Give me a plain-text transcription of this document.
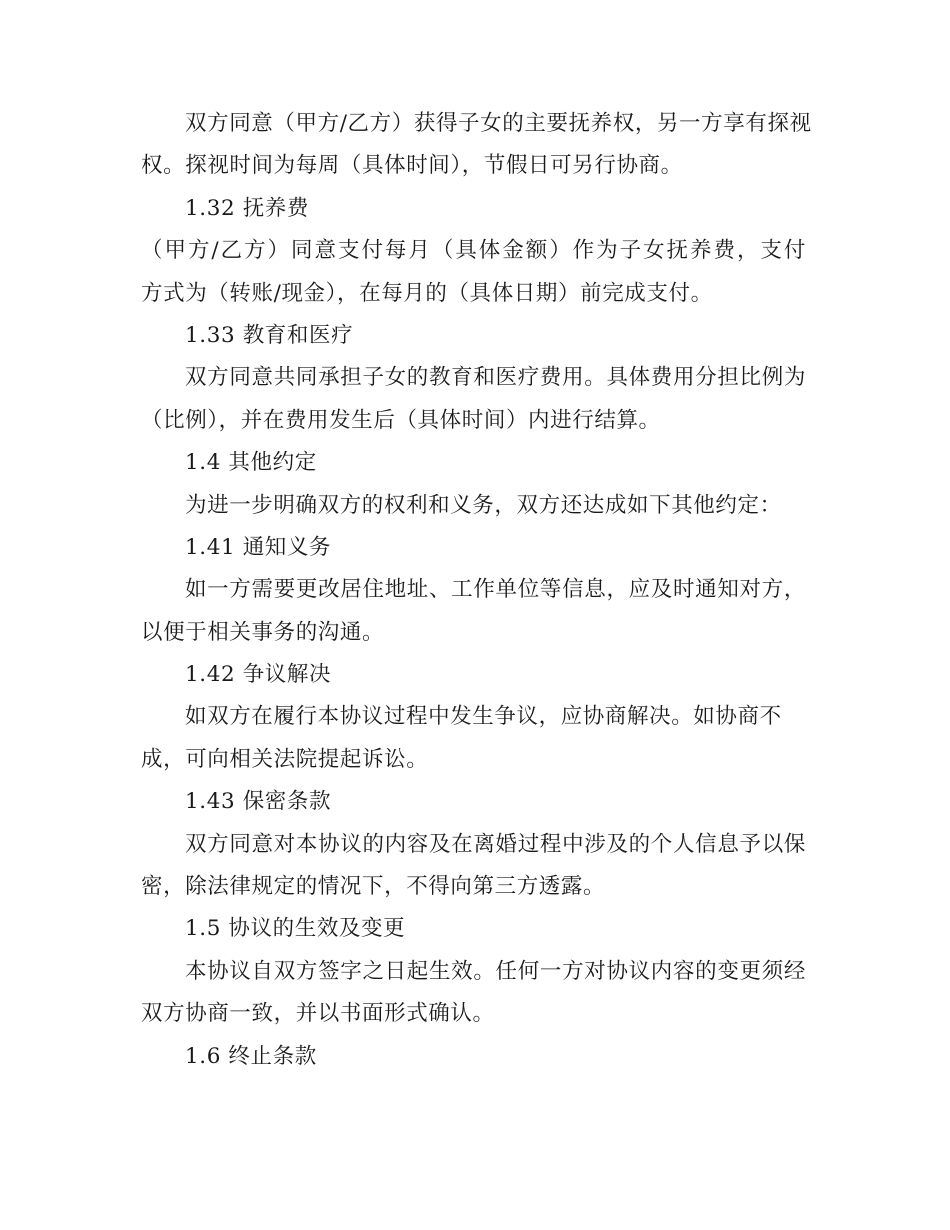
双方同意（甲方/乙方）获得子女的主要抚养权，另一方享有探视
权。探视时间为每周（具体时间），节假日可另行协商。
1.32 抚养费
（甲方/乙方）同意支付每月（具体金额）作为子女抚养费，支付
方式为（转账/现金），在每月的（具体日期）前完成支付。
1.33 教育和医疗
双方同意共同承担子女的教育和医疗费用。具体费用分担比例为
（比例），并在费用发生后（具体时间）内进行结算。
1.4 其他约定
为进一步明确双方的权利和义务，双方还达成如下其他约定：
1.41 通知义务
如一方需要更改居住地址、工作单位等信息，应及时通知对方，
以便于相关事务的沟通。
1.42 争议解决
如双方在履行本协议过程中发生争议，应协商解决。如协商不
成，可向相关法院提起诉讼。
1.43 保密条款
双方同意对本协议的内容及在离婚过程中涉及的个人信息予以保
密，除法律规定的情况下，不得向第三方透露。
1.5 协议的生效及变更
本协议自双方签字之日起生效。任何一方对协议内容的变更须经
双方协商一致，并以书面形式确认。
1.6 终止条款
